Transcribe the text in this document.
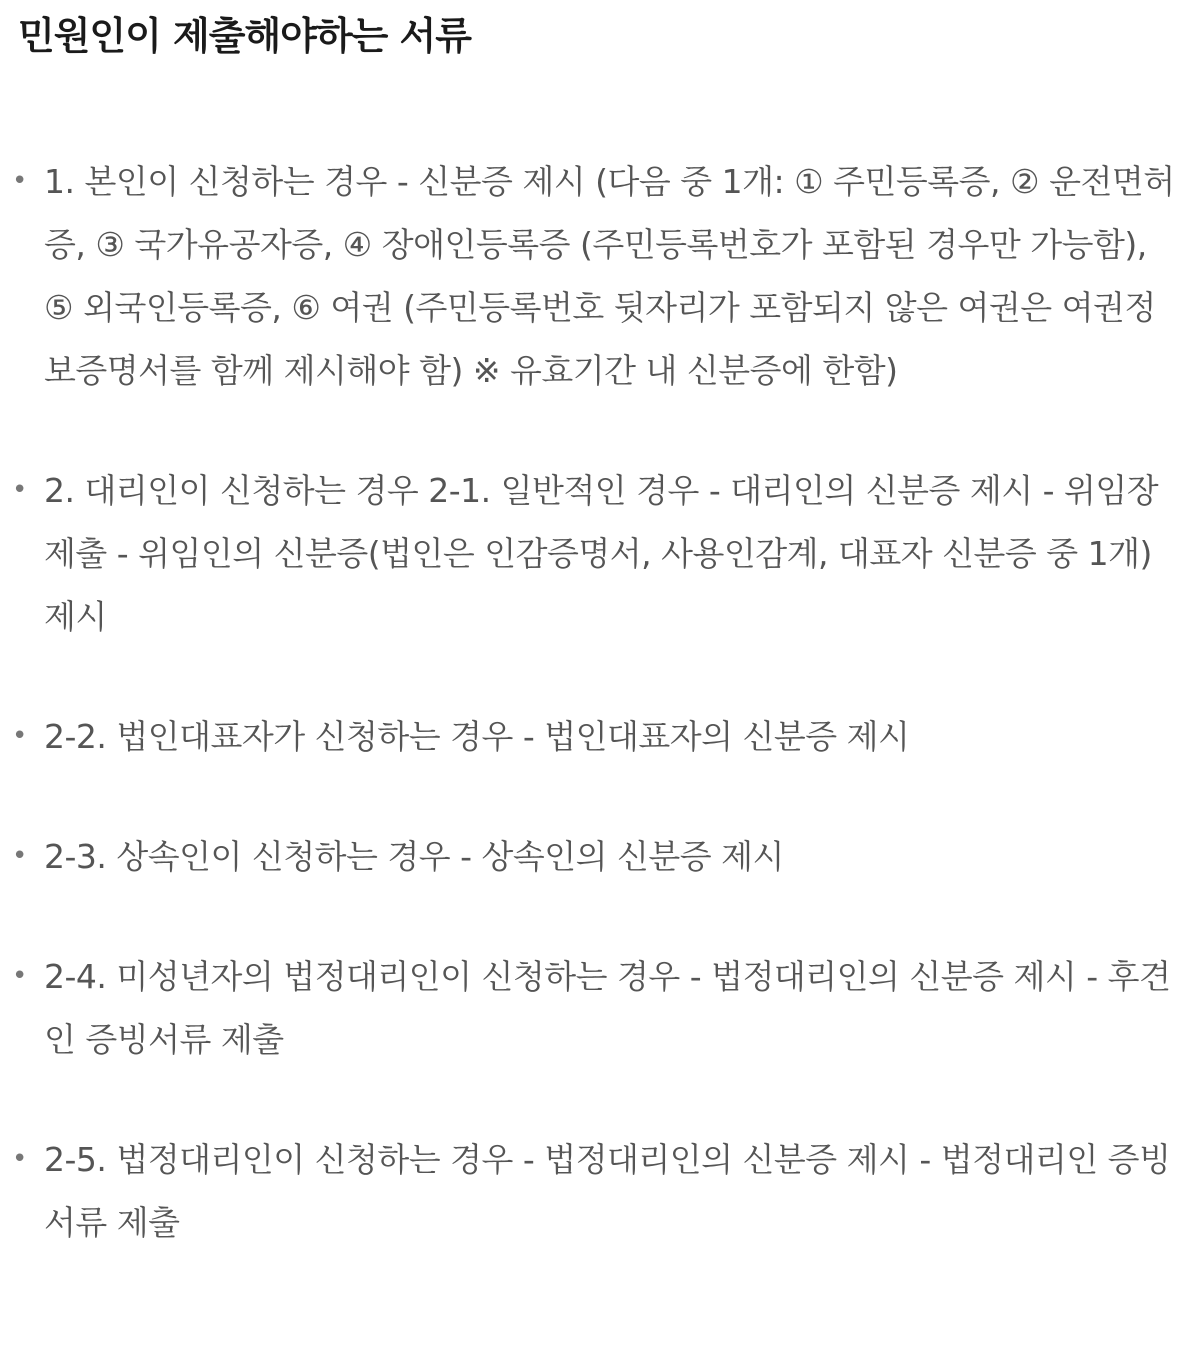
민원인이 제출해야하는 서류
• 1. 본인이 신청하는 경우 - 신분증 제시 (다음 중 1개: ① 주민등록증, ② 운전면허증, ③ 국가유공자증, ④ 장애인등록증 (주민등록번호가 포함된 경우만 가능함), ⑤ 외국인등록증, ⑥ 여권 (주민등록번호 뒷자리가 포함되지 않은 여권은 여권정보증명서를 함께 제시해야 함) ※ 유효기간 내 신분증에 한함)
• 2. 대리인이 신청하는 경우 2-1. 일반적인 경우 - 대리인의 신분증 제시 - 위임장 제출 - 위임인의 신분증(법인은 인감증명서, 사용인감계, 대표자 신분증 중 1개) 제시
• 2-2. 법인대표자가 신청하는 경우 - 법인대표자의 신분증 제시
• 2-3. 상속인이 신청하는 경우 - 상속인의 신분증 제시
• 2-4. 미성년자의 법정대리인이 신청하는 경우 - 법정대리인의 신분증 제시 - 후견인 증빙서류 제출
• 2-5. 법정대리인이 신청하는 경우 - 법정대리인의 신분증 제시 - 법정대리인 증빙서류 제출
